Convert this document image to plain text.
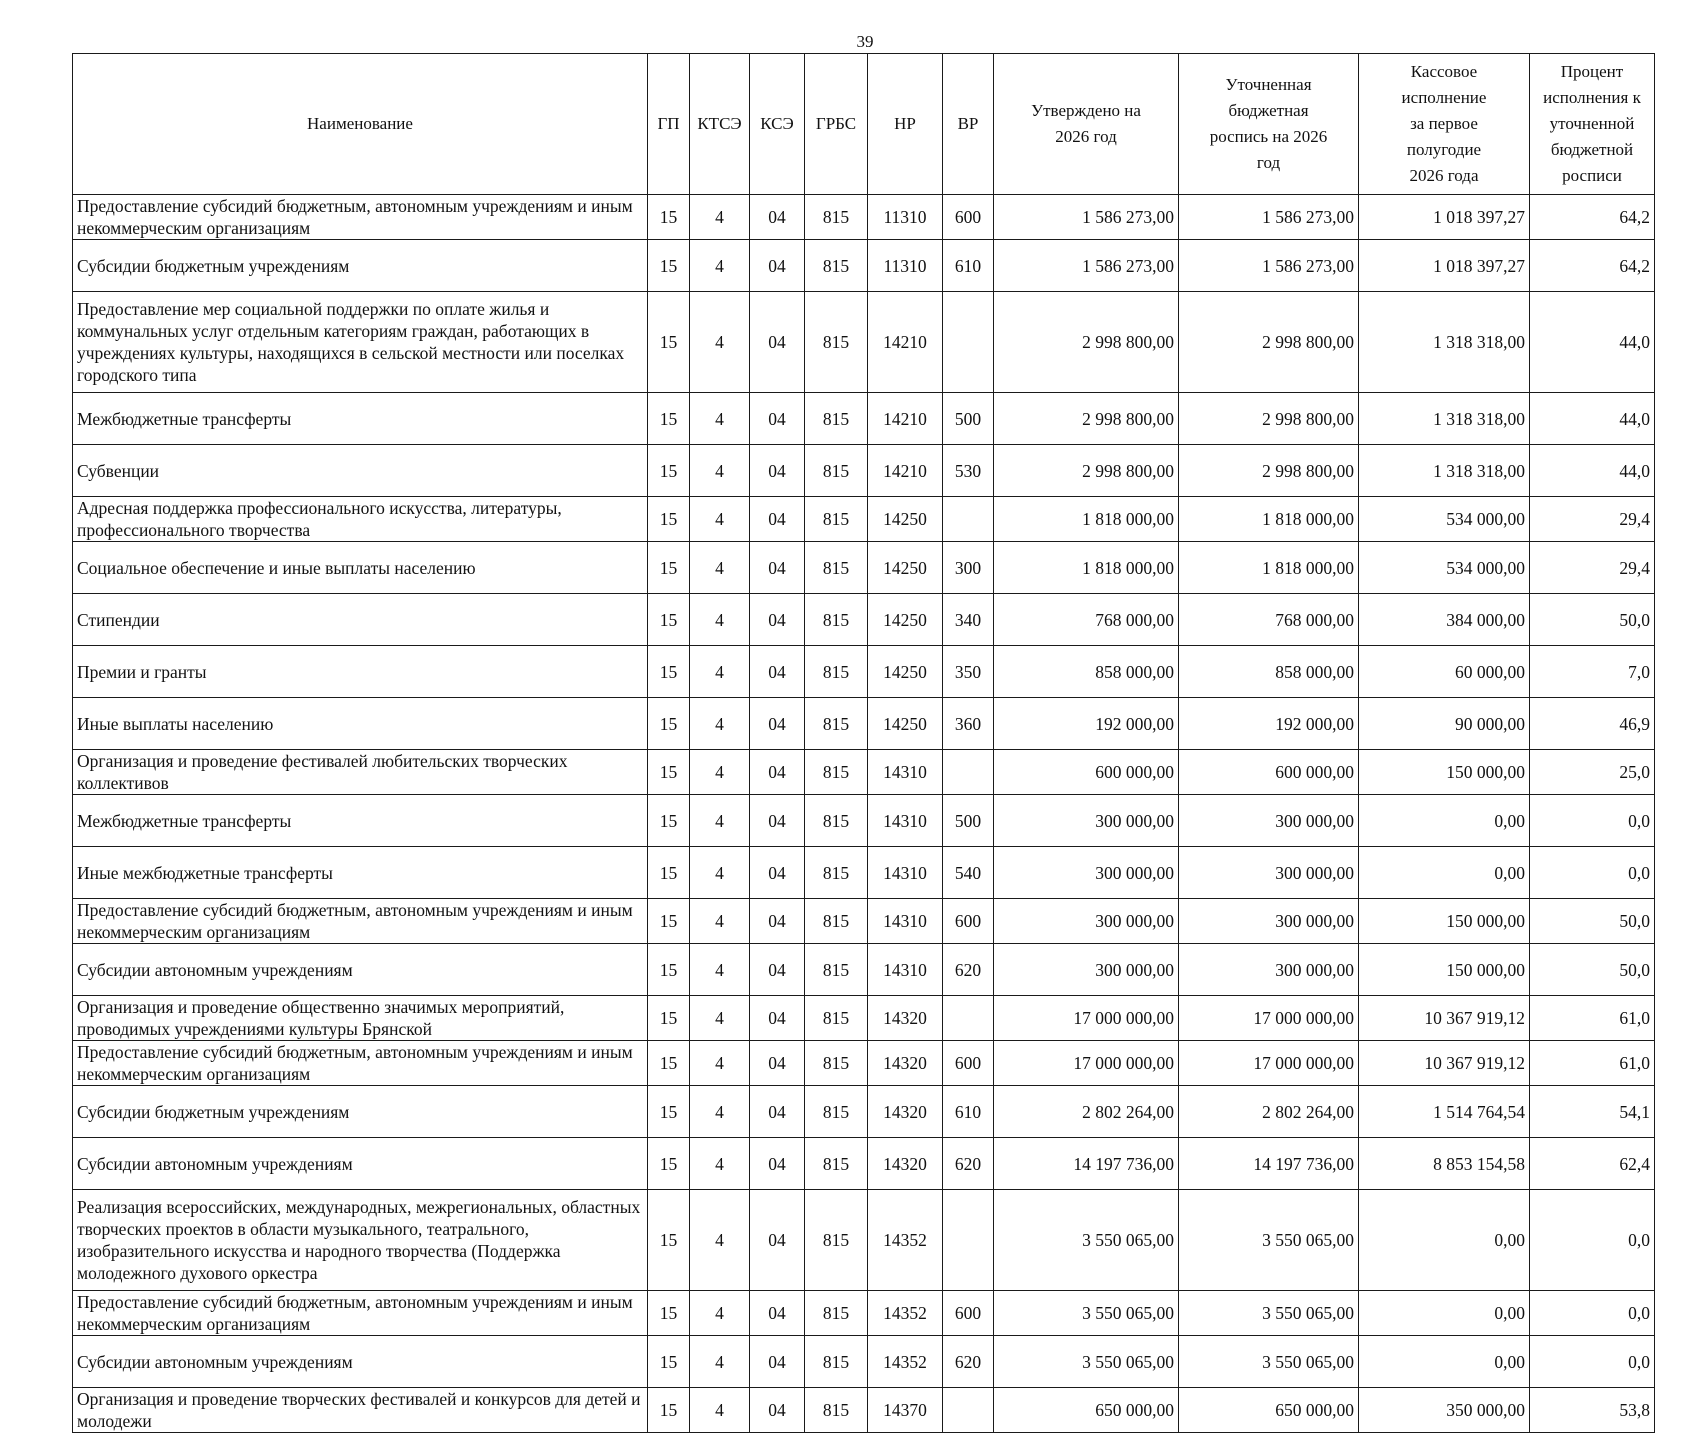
39
Наименование	ГП	КТСЭ	КСЭ	ГРБС	НР	ВР	Утверждено на 2026 год	Уточненная бюджетная роспись на 2026 год	Кассовое исполнение за первое полугодие 2026 года	Процент исполнения к уточненной бюджетной росписи
Предоставление субсидий бюджетным, автономным учреждениям и иным некоммерческим организациям	15	4	04	815	11310	600	1 586 273,00	1 586 273,00	1 018 397,27	64,2
Субсидии бюджетным учреждениям	15	4	04	815	11310	610	1 586 273,00	1 586 273,00	1 018 397,27	64,2
Предоставление мер социальной поддержки по оплате жилья и коммунальных услуг отдельным категориям граждан, работающих в учреждениях культуры, находящихся в сельской местности или поселках городского типа	15	4	04	815	14210		2 998 800,00	2 998 800,00	1 318 318,00	44,0
Межбюджетные трансферты	15	4	04	815	14210	500	2 998 800,00	2 998 800,00	1 318 318,00	44,0
Субвенции	15	4	04	815	14210	530	2 998 800,00	2 998 800,00	1 318 318,00	44,0
Адресная поддержка профессионального искусства, литературы, профессионального творчества	15	4	04	815	14250		1 818 000,00	1 818 000,00	534 000,00	29,4
Социальное обеспечение и иные выплаты населению	15	4	04	815	14250	300	1 818 000,00	1 818 000,00	534 000,00	29,4
Стипендии	15	4	04	815	14250	340	768 000,00	768 000,00	384 000,00	50,0
Премии и гранты	15	4	04	815	14250	350	858 000,00	858 000,00	60 000,00	7,0
Иные выплаты населению	15	4	04	815	14250	360	192 000,00	192 000,00	90 000,00	46,9
Организация и проведение фестивалей любительских творческих коллективов	15	4	04	815	14310		600 000,00	600 000,00	150 000,00	25,0
Межбюджетные трансферты	15	4	04	815	14310	500	300 000,00	300 000,00	0,00	0,0
Иные межбюджетные трансферты	15	4	04	815	14310	540	300 000,00	300 000,00	0,00	0,0
Предоставление субсидий бюджетным, автономным учреждениям и иным некоммерческим организациям	15	4	04	815	14310	600	300 000,00	300 000,00	150 000,00	50,0
Субсидии автономным учреждениям	15	4	04	815	14310	620	300 000,00	300 000,00	150 000,00	50,0
Организация и проведение общественно значимых мероприятий, проводимых учреждениями культуры Брянской	15	4	04	815	14320		17 000 000,00	17 000 000,00	10 367 919,12	61,0
Предоставление субсидий бюджетным, автономным учреждениям и иным некоммерческим организациям	15	4	04	815	14320	600	17 000 000,00	17 000 000,00	10 367 919,12	61,0
Субсидии бюджетным учреждениям	15	4	04	815	14320	610	2 802 264,00	2 802 264,00	1 514 764,54	54,1
Субсидии автономным учреждениям	15	4	04	815	14320	620	14 197 736,00	14 197 736,00	8 853 154,58	62,4
Реализация всероссийских, международных, межрегиональных, областных творческих проектов в области музыкального, театрального, изобразительного искусства и народного творчества (Поддержка молодежного духового оркестра	15	4	04	815	14352		3 550 065,00	3 550 065,00	0,00	0,0
Предоставление субсидий бюджетным, автономным учреждениям и иным некоммерческим организациям	15	4	04	815	14352	600	3 550 065,00	3 550 065,00	0,00	0,0
Субсидии автономным учреждениям	15	4	04	815	14352	620	3 550 065,00	3 550 065,00	0,00	0,0
Организация и проведение творческих фестивалей и конкурсов для детей и молодежи	15	4	04	815	14370		650 000,00	650 000,00	350 000,00	53,8
